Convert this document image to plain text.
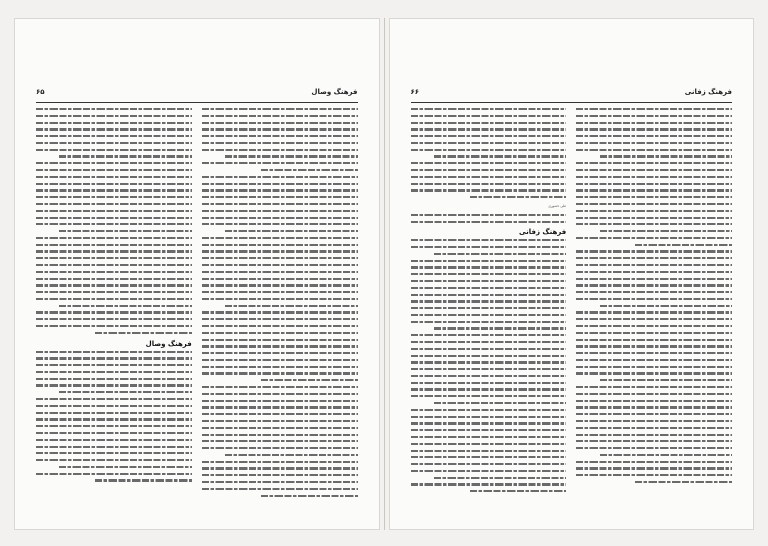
۶۵	فرهنگ وصال
فرهنگ وصال
۶۶	فرهنگ زفانی
علی حصوری
فرهنگ زفانی
